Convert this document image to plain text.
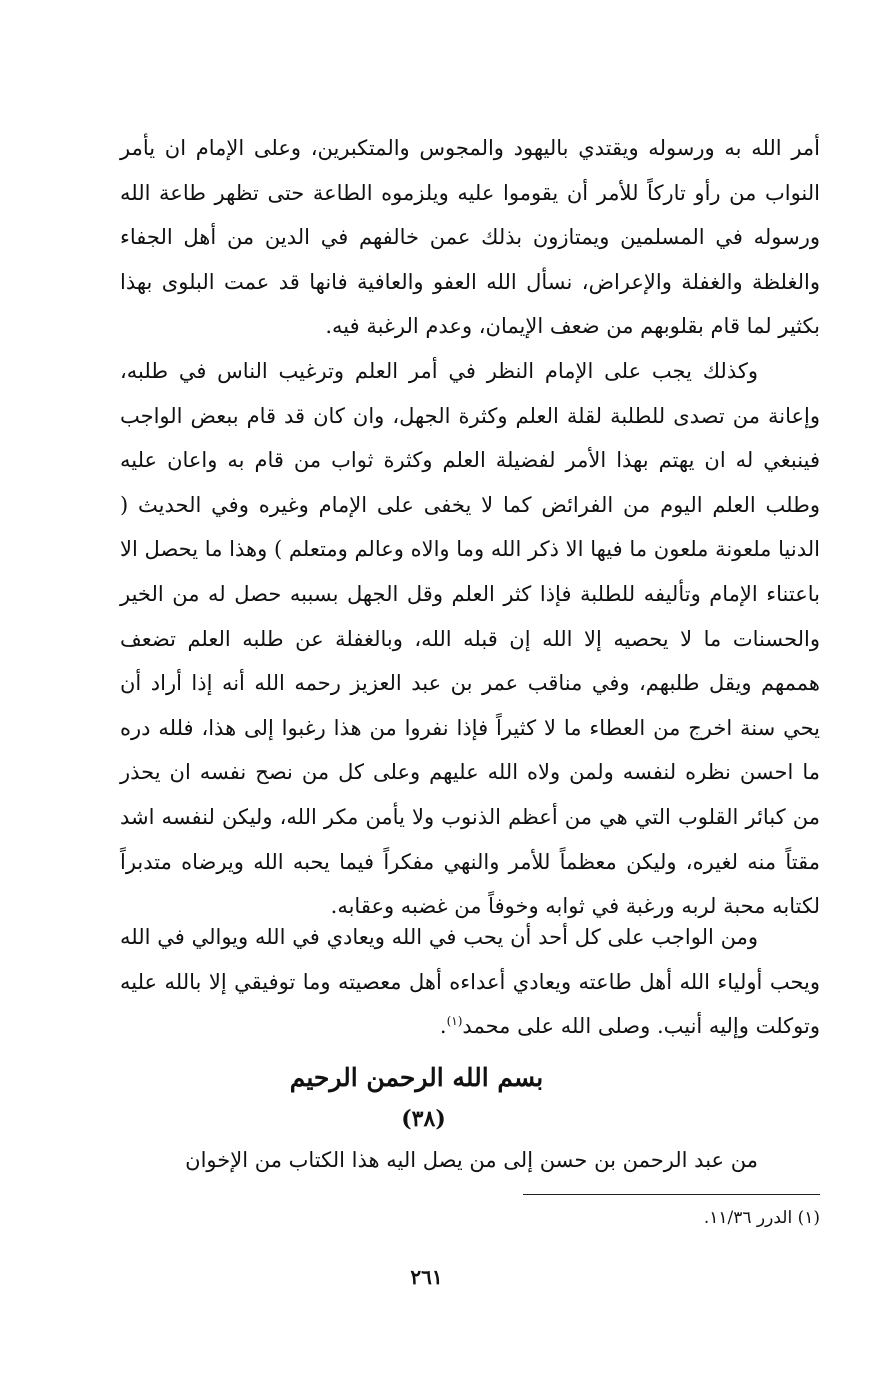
أمر الله به ورسوله ويقتدي باليهود والمجوس والمتكبرين، وعلى الإمام ان يأمر النواب من رأو تاركاً للأمر أن يقوموا عليه ويلزموه الطاعة حتى تظهر طاعة الله ورسوله في المسلمين ويمتازون بذلك عمن خالفهم في الدين من أهل الجفاء والغلظة والغفلة والإعراض، نسأل الله العفو والعافية فانها قد عمت البلوى بهذا بكثير لما قام بقلوبهم من ضعف الإيمان، وعدم الرغبة فيه.

وكذلك يجب على الإمام النظر في أمر العلم وترغيب الناس في طلبه، وإعانة من تصدى للطلبة لقلة العلم وكثرة الجهل، وان كان قد قام ببعض الواجب فينبغي له ان يهتم بهذا الأمر لفضيلة العلم وكثرة ثواب من قام به واعان عليه وطلب العلم اليوم من الفرائض كما لا يخفى على الإمام وغيره وفي الحديث ( الدنيا ملعونة ملعون ما فيها الا ذكر الله وما والاه وعالم ومتعلم ) وهذا ما يحصل الا باعتناء الإمام وتأليفه للطلبة فإذا كثر العلم وقل الجهل بسببه حصل له من الخير والحسنات ما لا يحصيه إلا الله إن قبله الله، وبالغفلة عن طلبه العلم تضعف هممهم ويقل طلبهم، وفي مناقب عمر بن عبد العزيز رحمه الله أنه إذا أراد أن يحي سنة اخرج من العطاء ما لا كثيراً فإذا نفروا من هذا رغبوا إلى هذا، فلله دره ما احسن نظره لنفسه ولمن ولاه الله عليهم وعلى كل من نصح نفسه ان يحذر من كبائر القلوب التي هي من أعظم الذنوب ولا يأمن مكر الله، وليكن لنفسه اشد مقتاً منه لغيره، وليكن معظماً للأمر والنهي مفكراً فيما يحبه الله ويرضاه متدبراً لكتابه محبة لربه ورغبة في ثوابه وخوفاً من غضبه وعقابه.

ومن الواجب على كل أحد أن يحب في الله ويعادي في الله ويوالي في الله ويحب أولياء الله أهل طاعته ويعادي أعداءه أهل معصيته وما توفيقي إلا بالله عليه وتوكلت وإليه أنيب. وصلى الله على محمد$^{(١)}$.

بسم الله الرحمن الرحيم
(٣٨)

من عبد الرحمن بن حسن إلى من يصل اليه هذا الكتاب من الإخوان

(١) الدرر ١١/٣٦.

٢٦١
